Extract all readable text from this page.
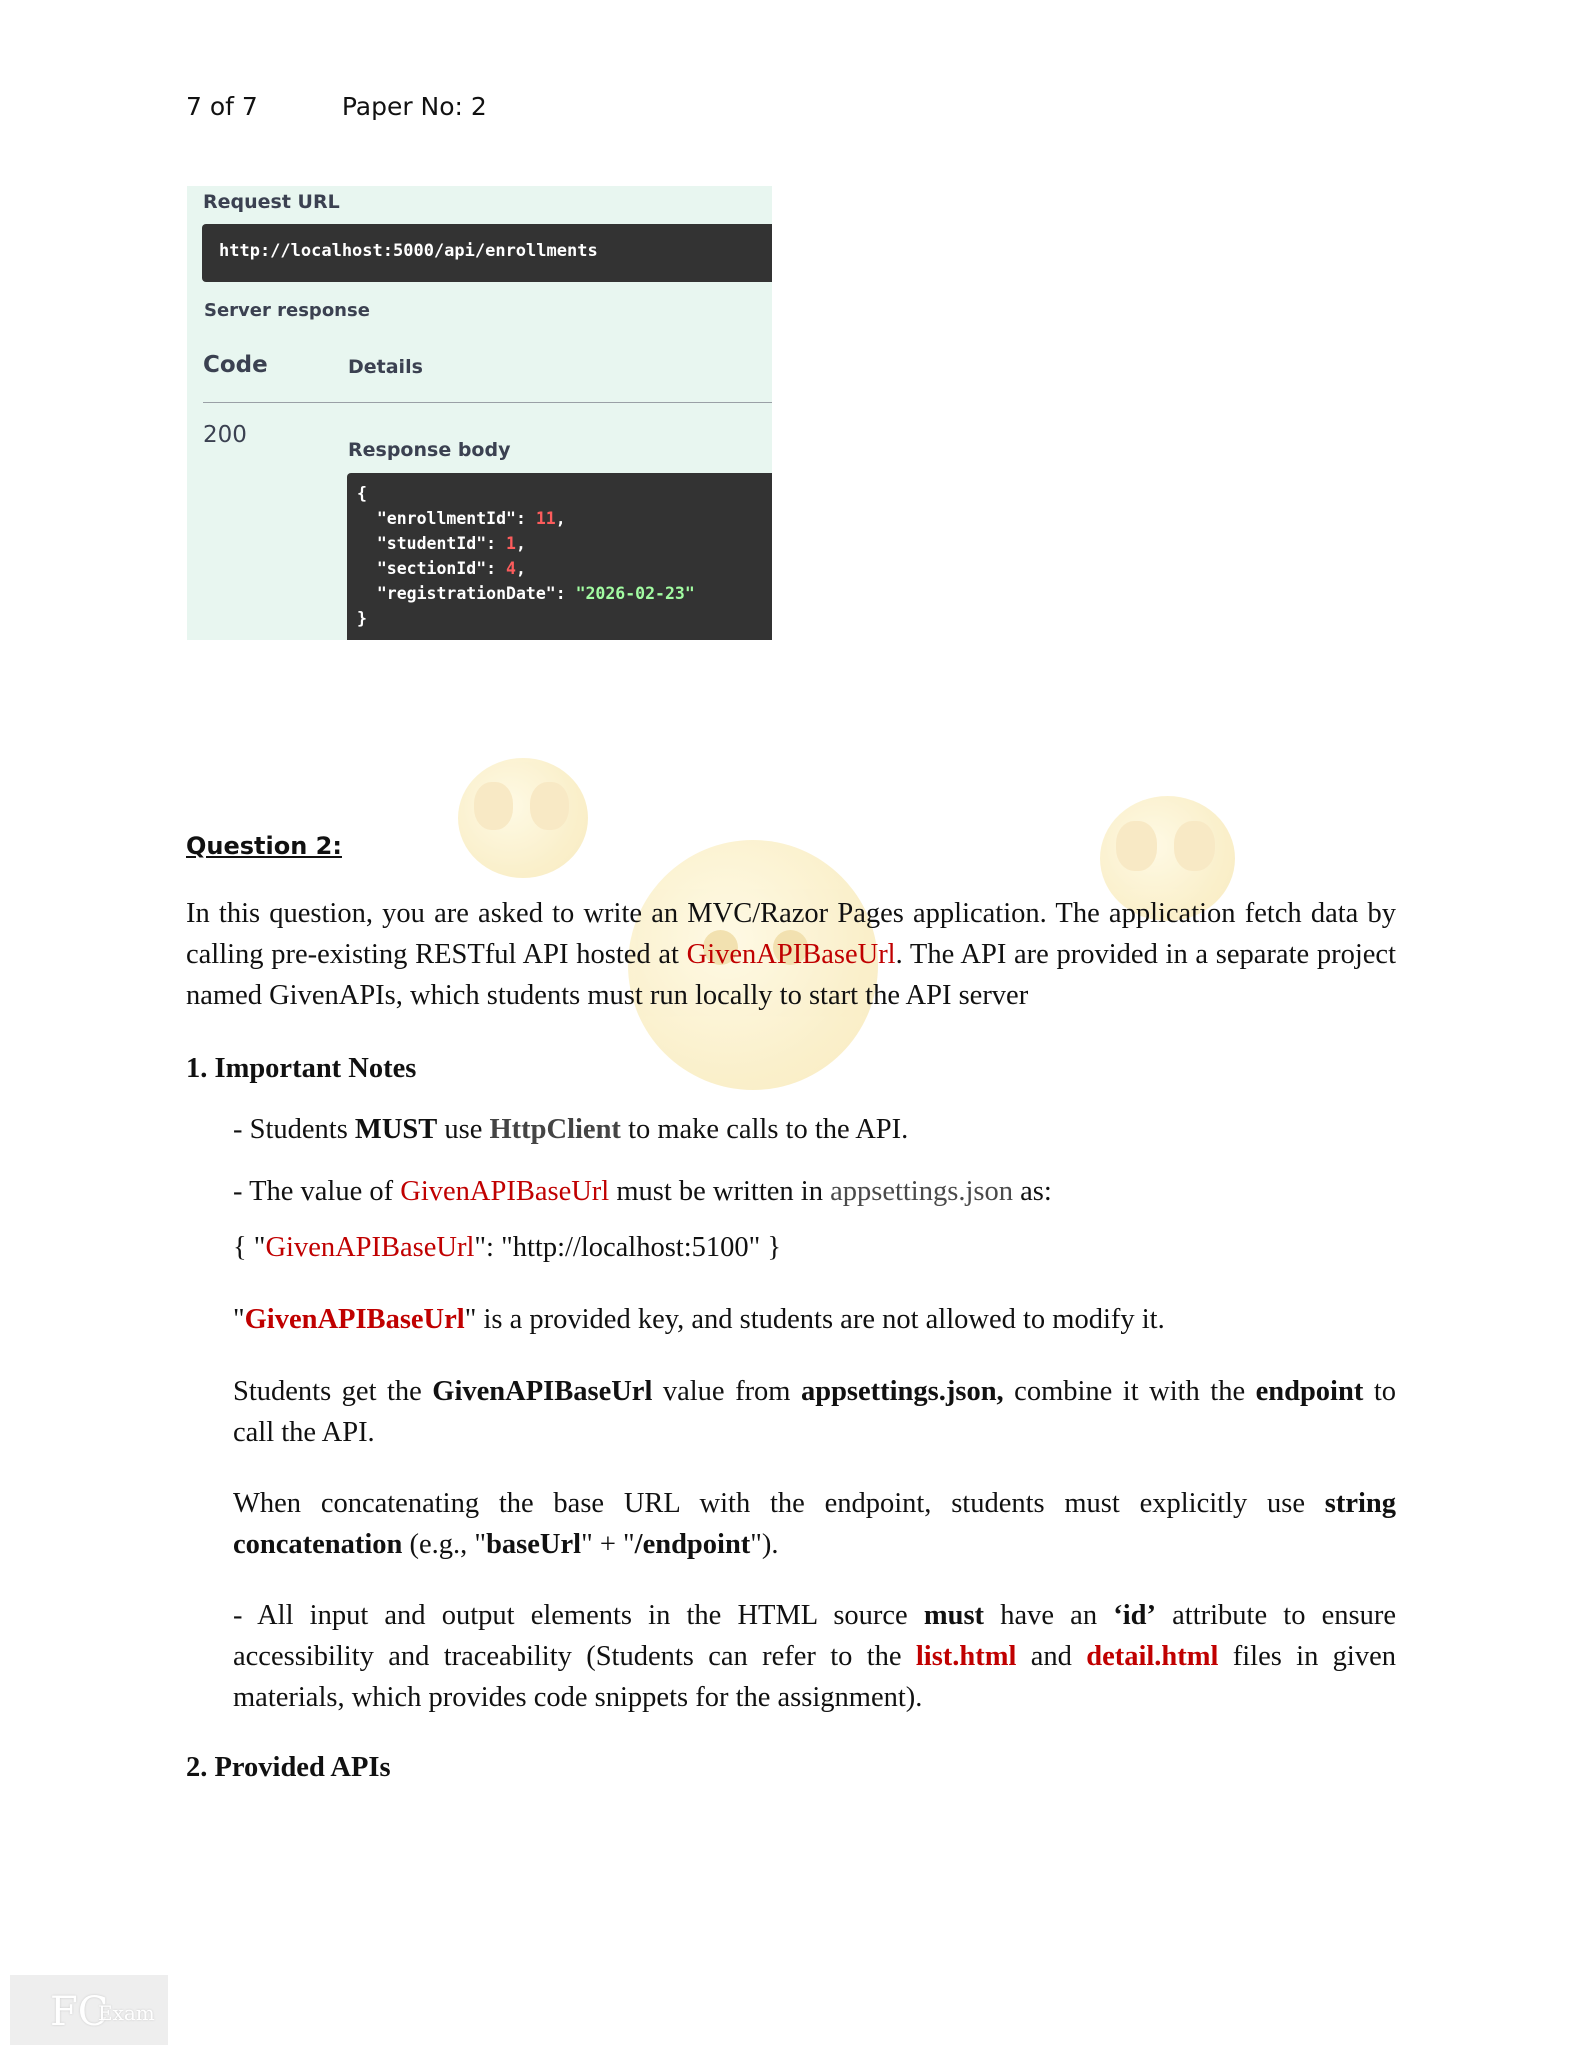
7 of 7	Paper No: 2
Request URL
http://localhost:5000/api/enrollments
Server response
Code	Details
200
Response body
{
"enrollmentId": 11,
"studentId": 1,
"sectionId": 4,
"registrationDate": "2026-02-23"
}
Question 2:
In this question, you are asked to write an MVC/Razor Pages application. The application fetch data by calling pre-existing RESTful API hosted at GivenAPIBaseUrl. The API are provided in a separate project named GivenAPIs, which students must run locally to start the API server
1. Important Notes
- Students MUST use HttpClient to make calls to the API.
- The value of GivenAPIBaseUrl must be written in appsettings.json as:
{ "GivenAPIBaseUrl": "http://localhost:5100" }
"GivenAPIBaseUrl" is a provided key, and students are not allowed to modify it.
Students get the GivenAPIBaseUrl value from appsettings.json, combine it with the endpoint to call the API.
When concatenating the base URL with the endpoint, students must explicitly use string concatenation (e.g., "baseUrl" + "/endpoint").
- All input and output elements in the HTML source must have an ‘id’ attribute to ensure accessibility and traceability (Students can refer to the list.html and detail.html files in given materials, which provides code snippets for the assignment).
2. Provided APIs
FC
Exam
